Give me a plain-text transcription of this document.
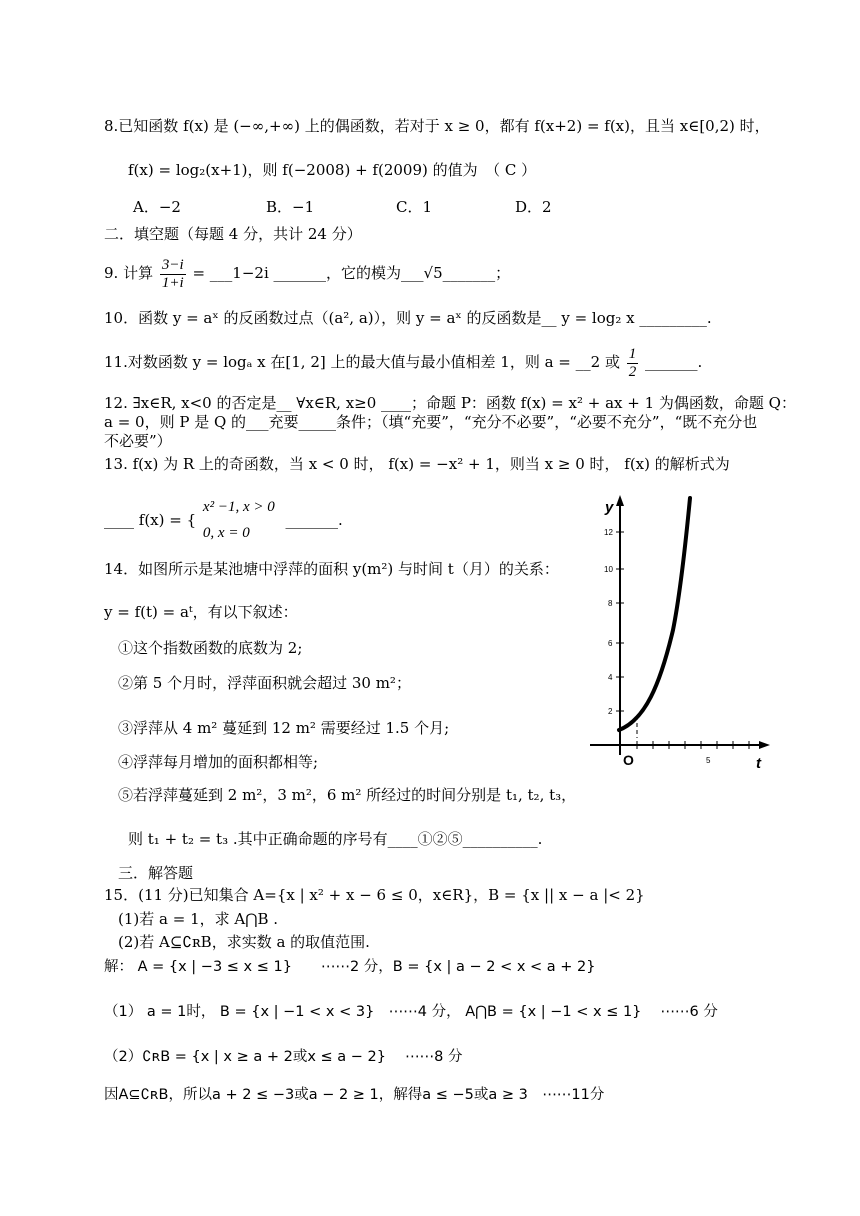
8.已知函数 f(x) 是 (−∞,+∞) 上的偶函数，若对于 x ≥ 0，都有 f(x+2) = f(x)，且当 x∈[0,2) 时，
f(x) = log₂(x+1)，则 f(−2008) + f(2009) 的值为　（ C ）
A．−2	B．−1	C．1	D．2
二．填空题（每题 4 分，共计 24 分）
9. 计算 $\frac{3-i}{1+i}$ = ___1−2i _______，它的模为___√5_______；
10．函数 y = aˣ 的反函数过点（(a², a)），则 y = aˣ 的反函数是__ y = log₂ x _________.
11.对数函数 y = logₐ x 在[1, 2] 上的最大值与最小值相差 1，则 a = __2 或 $\frac{1}{2}$ _______.
12. ∃x∈R, x<0 的否定是__ ∀x∈R, x≥0 ____；命题 P：函数 f(x) = x² + ax + 1 为偶函数，命题 Q：
a = 0，则 P 是 Q 的___充要_____条件；（填“充要”，“充分不必要”，“必要不充分”，“既不充分也
不必要”）
13. f(x) 为 R 上的奇函数，当 x < 0 时， f(x) = −x² + 1，则当 x ≥ 0 时， f(x) 的解析式为
____ f(x) = {
x² −1, x > 0
0, x = 0
_______.
14．如图所示是某池塘中浮萍的面积 y(m²) 与时间 t（月）的关系：
y = f(t) = aᵗ，有以下叙述：
①这个指数函数的底数为 2;
②第 5 个月时，浮萍面积就会超过 30 m²；
③浮萍从 4 m² 蔓延到 12 m² 需要经过 1.5 个月;
④浮萍每月增加的面积都相等;
⑤若浮萍蔓延到 2 m²，3 m²，6 m² 所经过的时间分别是 t₁, t₂, t₃，
则 t₁ + t₂ = t₃ .其中正确命题的序号有____①②⑤__________.
2
4
6
8
10
12
5
y
t
O
三．解答题
15．(11 分)已知集合 A={x | x² + x − 6 ≤ 0，x∈R}，B = {x || x − a |< 2}
(1)若 a = 1，求 A⋂B .
(2)若 A⊆∁ʀB，求实数 a 的取值范围.
解： A = {x | −3 ≤ x ≤ 1}　　⋯⋯2 分，B = {x | a − 2 < x < a + 2}
（1） a = 1时， B = {x | −1 < x < 3}　⋯⋯4 分， A⋂B = {x | −1 < x ≤ 1}　 ⋯⋯6 分
（2）∁ʀB = {x | x ≥ a + 2或x ≤ a − 2}　 ⋯⋯8 分
因A⊆∁ʀB，所以a + 2 ≤ −3或a − 2 ≥ 1，解得a ≤ −5或a ≥ 3　⋯⋯11分
